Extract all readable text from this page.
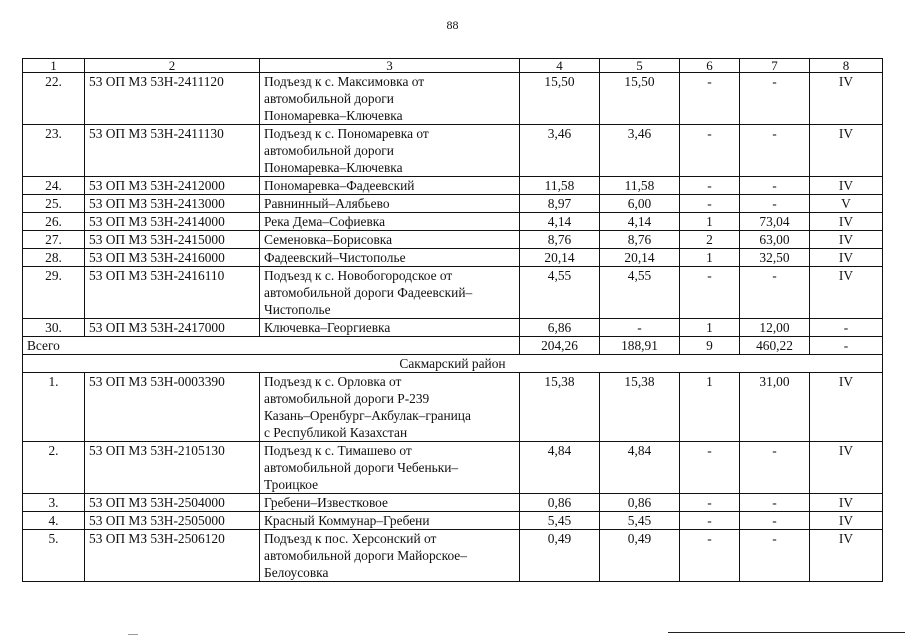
88
1	2	3	4	5	6	7	8
22.	53 ОП МЗ 53Н-2411120	Подъезд к с. Максимовка от
автомобильной дороги
Пономаревка–Ключевка	15,50	15,50	-	-	IV
23.	53 ОП МЗ 53Н-2411130	Подъезд к с. Пономаревка от
автомобильной дороги
Пономаревка–Ключевка	3,46	3,46	-	-	IV
24.	53 ОП МЗ 53Н-2412000	Пономаревка–Фадеевский	11,58	11,58	-	-	IV
25.	53 ОП МЗ 53Н-2413000	Равнинный–Алябьево	8,97	6,00	-	-	V
26.	53 ОП МЗ 53Н-2414000	Река Дема–Софиевка	4,14	4,14	1	73,04	IV
27.	53 ОП МЗ 53Н-2415000	Семеновка–Борисовка	8,76	8,76	2	63,00	IV
28.	53 ОП МЗ 53Н-2416000	Фадеевский–Чистополье	20,14	20,14	1	32,50	IV
29.	53 ОП МЗ 53Н-2416110	Подъезд к с. Новобогородское от
автомобильной дороги Фадеевский–
Чистополье	4,55	4,55	-	-	IV
30.	53 ОП МЗ 53Н-2417000	Ключевка–Георгиевка	6,86	-	1	12,00	-
Всего			204,26	188,91	9	460,22	-
Сакмарский район							
1.	53 ОП МЗ 53Н-0003390	Подъезд к с. Орловка от
автомобильной дороги Р-239
Казань–Оренбург–Акбулак–граница
с Республикой Казахстан	15,38	15,38	1	31,00	IV
2.	53 ОП МЗ 53Н-2105130	Подъезд к с. Тимашево от
автомобильной дороги Чебеньки–
Троицкое	4,84	4,84	-	-	IV
3.	53 ОП МЗ 53Н-2504000	Гребени–Известковое	0,86	0,86	-	-	IV
4.	53 ОП МЗ 53Н-2505000	Красный Коммунар–Гребени	5,45	5,45	-	-	IV
5.	53 ОП МЗ 53Н-2506120	Подъезд к пос. Херсонский от
автомобильной дороги Майорское–
Белоусовка	0,49	0,49	-	-	IV
